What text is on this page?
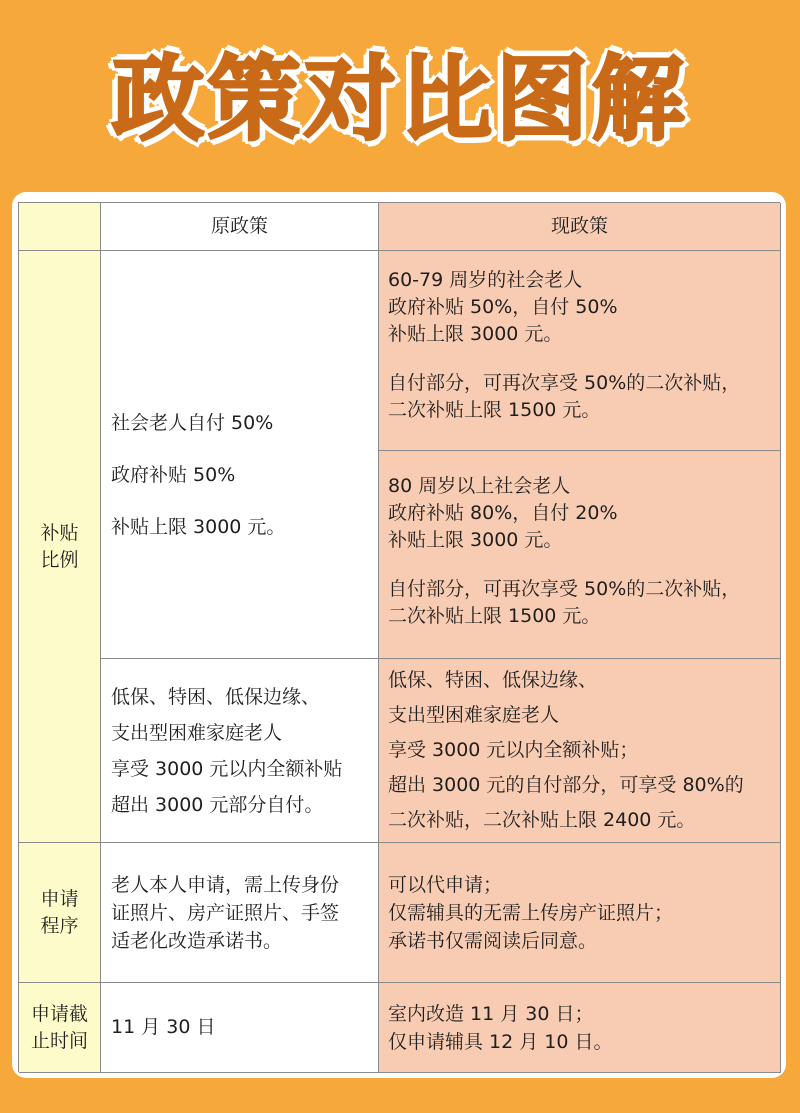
政策对比图解
原政策	现政策
补贴
比例

社会老人自付 50%

政府补贴 50%

补贴上限 3000 元。

60-79 周岁的社会老人

政府补贴 50%，自付 50%

补贴上限 3000 元。

自付部分，可再次享受 50%的二次补贴，

二次补贴上限 1500 元。

80 周岁以上社会老人

政府补贴 80%，自付 20%

补贴上限 3000 元。

自付部分，可再次享受 50%的二次补贴，

二次补贴上限 1500 元。

低保、特困、低保边缘、

支出型困难家庭老人

享受 3000 元以内全额补贴

超出 3000 元部分自付。

低保、特困、低保边缘、

支出型困难家庭老人

享受 3000 元以内全额补贴；

超出 3000 元的自付部分，可享受 80%的

二次补贴，二次补贴上限 2400 元。

申请
程序

老人本人申请，需上传身份

证照片、房产证照片、手签

适老化改造承诺书。

可以代申请；

仅需辅具的无需上传房产证照片；

承诺书仅需阅读后同意。

申请截
止时间

11 月 30 日

室内改造 11 月 30 日；

仅申请辅具 12 月 10 日。
